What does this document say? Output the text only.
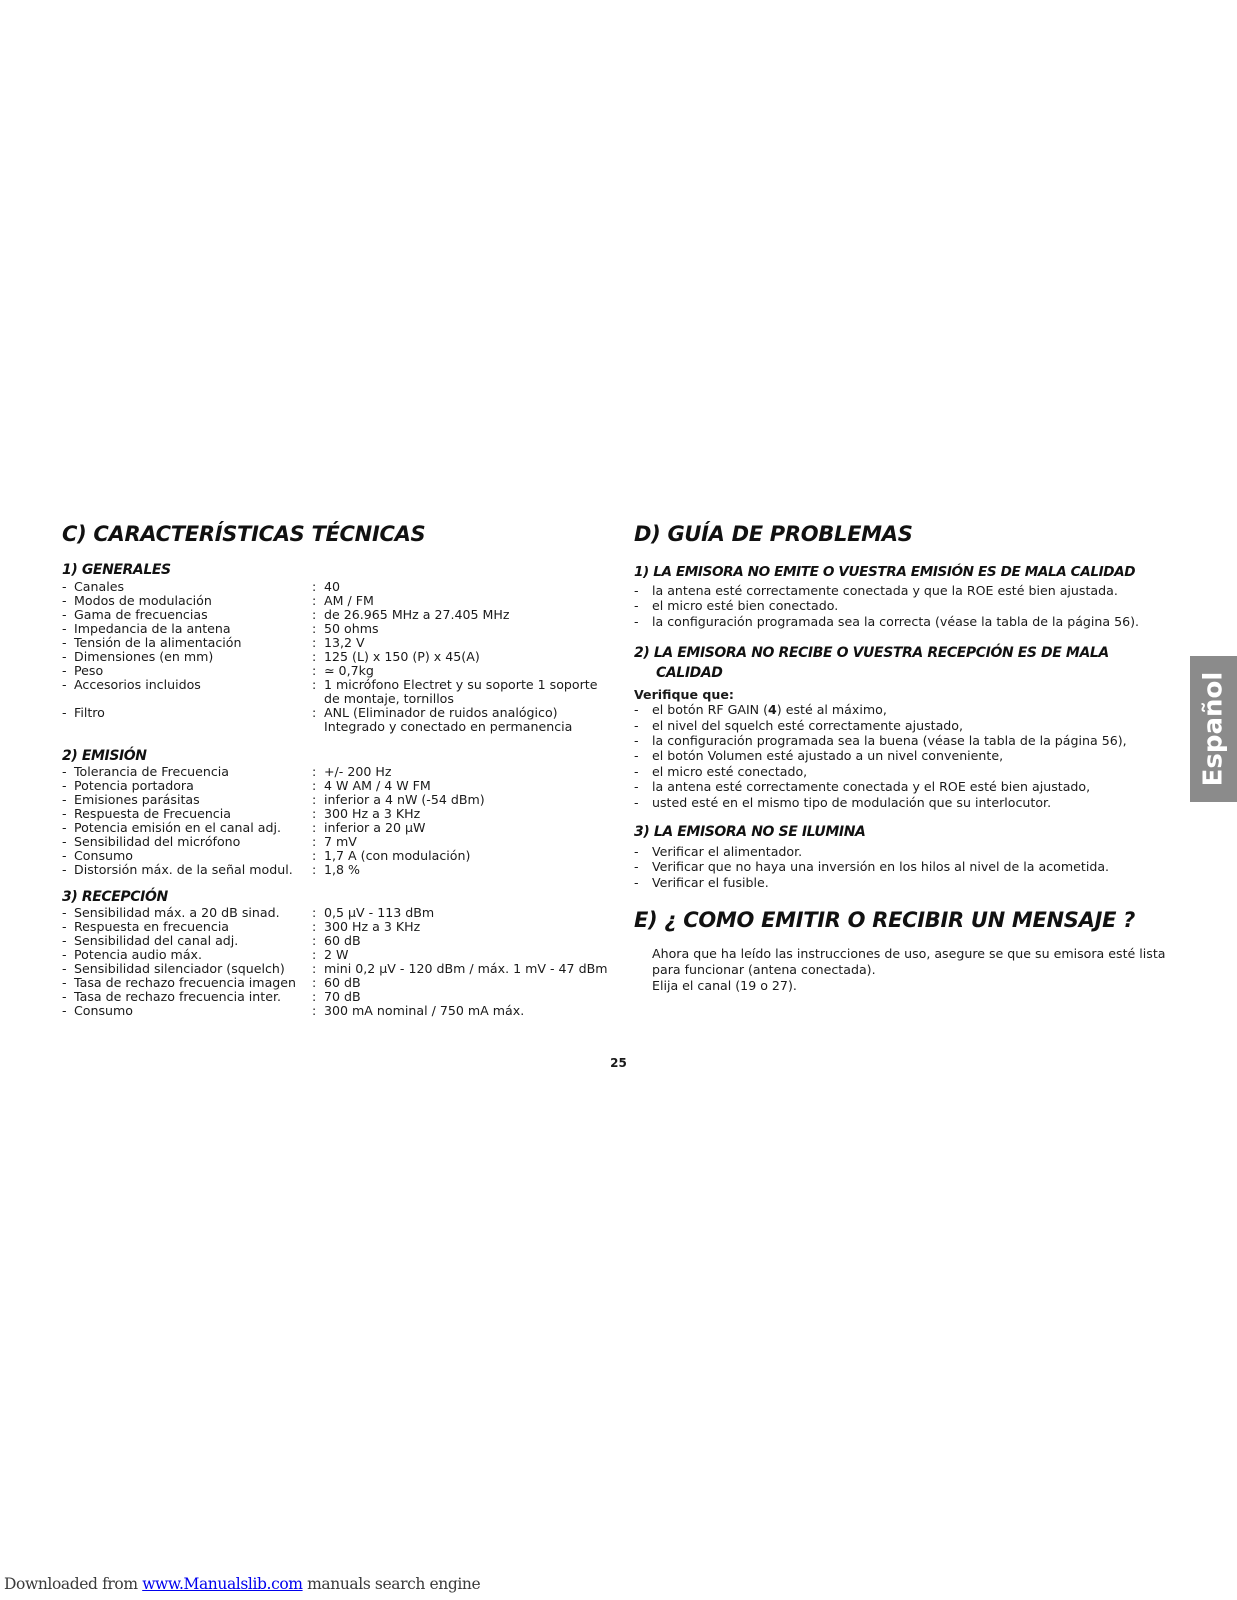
C) CARACTERÍSTICAS TÉCNICAS
1) GENERALES
- Canales	: 40
- Modos de modulación	: AM / FM
- Gama de frecuencias	: de 26.965 MHz a 27.405 MHz
- Impedancia de la antena	: 50 ohms
- Tensión de la alimentación	: 13,2 V
- Dimensiones (en mm)	: 125 (L) x 150 (P) x 45(A)
- Peso	: ≃ 0,7kg
- Accesorios incluidos	: 1 micrófono Electret y su soporte 1 soporte
de montaje, tornillos
- Filtro	: ANL (Eliminador de ruidos analógico)
Integrado y conectado en permanencia
2) EMISIÓN
- Tolerancia de Frecuencia	: +/- 200 Hz
- Potencia portadora	: 4 W AM / 4 W FM
- Emisiones parásitas	: inferior a 4 nW (-54 dBm)
- Respuesta de Frecuencia	: 300 Hz a 3 KHz
- Potencia emisión en el canal adj.	: inferior a 20 µW
- Sensibilidad del micrófono	: 7 mV
- Consumo	: 1,7 A (con modulación)
- Distorsión máx. de la señal modul.	: 1,8 %
3) RECEPCIÓN
- Sensibilidad máx. a 20 dB sinad.	: 0,5 µV - 113 dBm
- Respuesta en frecuencia	: 300 Hz a 3 KHz
- Sensibilidad del canal adj.	: 60 dB
- Potencia audio máx.	: 2 W
- Sensibilidad silenciador (squelch)	: mini 0,2 µV - 120 dBm / máx. 1 mV - 47 dBm
- Tasa de rechazo frecuencia imagen	: 60 dB
- Tasa de rechazo frecuencia inter.	: 70 dB
- Consumo	: 300 mA nominal / 750 mA máx.
D) GUÍA DE PROBLEMAS
1) LA EMISORA NO EMITE O VUESTRA EMISIÓN ES DE MALA CALIDAD
-	la antena esté correctamente conectada y que la ROE esté bien ajustada.
-	el micro esté bien conectado.
-	la configuración programada sea la correcta (véase la tabla de la página 56).
2) LA EMISORA NO RECIBE O VUESTRA RECEPCIÓN ES DE MALA
CALIDAD
Verifique que:
-	el botón RF GAIN (4) esté al máximo,
-	el nivel del squelch esté correctamente ajustado,
-	la configuración programada sea la buena (véase la tabla de la página 56),
-	el botón Volumen esté ajustado a un nivel conveniente,
-	el micro esté conectado,
-	la antena esté correctamente conectada y el ROE esté bien ajustado,
-	usted esté en el mismo tipo de modulación que su interlocutor.
3) LA EMISORA NO SE ILUMINA
-	Verificar el alimentador.
-	Verificar que no haya una inversión en los hilos al nivel de la acometida.
-	Verificar el fusible.
E) ¿ COMO EMITIR O RECIBIR UN MENSAJE ?
Ahora que ha leído las instrucciones de uso, asegure se que su emisora esté lista
para funcionar (antena conectada).
Elija el canal (19 o 27).
Español
25
Downloaded from www.Manualslib.com manuals search engine
